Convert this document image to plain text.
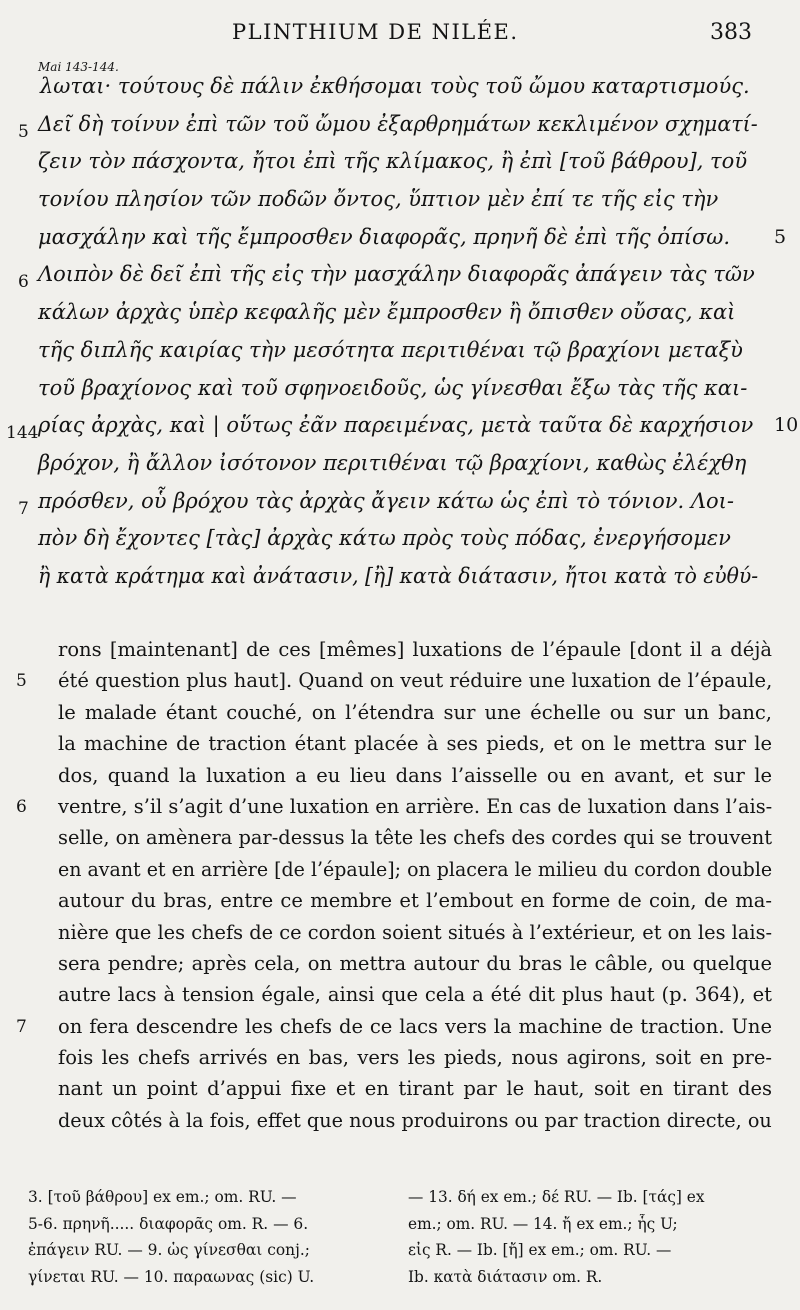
PLINTHIUM DE NILÉE.	383
Mai 143-144.
λωται· τούτους δὲ πάλιν ἐκθήσομαι τοὺς τοῦ ὤμου καταρτισμούς.
Δεῖ δὴ τοίνυν ἐπὶ τῶν τοῦ ὤμου ἐξαρθρημάτων κεκλιμένον σχηματί-
5
ζειν τὸν πάσχοντα, ἤτοι ἐπὶ τῆς κλίμακος, ἢ ἐπὶ [τοῦ βάθρου], τοῦ
τονίου πλησίον τῶν ποδῶν ὄντος, ὕπτιον μὲν ἐπί τε τῆς εἰς τὴν
μασχάλην καὶ τῆς ἔμπροσθεν διαφορᾶς, πρηνῆ δὲ ἐπὶ τῆς ὀπίσω. 5
Λοιπὸν δὲ δεῖ ἐπὶ τῆς εἰς τὴν μασχάλην διαφορᾶς ἀπάγειν τὰς τῶν
6
κάλων ἀρχὰς ὑπὲρ κεφαλῆς μὲν ἔμπροσθεν ἢ ὄπισθεν οὔσας, καὶ
τῆς διπλῆς καιρίας τὴν μεσότητα περιτιθέναι τῷ βραχίονι μεταξὺ
τοῦ βραχίονος καὶ τοῦ σφηνοειδοῦς, ὡς γίνεσθαι ἔξω τὰς τῆς και-
ρίας ἀρχὰς, καὶ | οὕτως ἐᾶν παρειμένας, μετὰ ταῦτα δὲ καρχήσιον
144	10
βρόχον, ἢ ἄλλον ἰσότονον περιτιθέναι τῷ βραχίονι, καθὼς ἐλέχθη
πρόσθεν, οὗ βρόχου τὰς ἀρχὰς ἄγειν κάτω ὡς ἐπὶ τὸ τόνιον. Λοι-
7
πὸν δὴ ἔχοντες [τὰς] ἀρχὰς κάτω πρὸς τοὺς πόδας, ἐνεργήσομεν
ἢ κατὰ κράτημα καὶ ἀνάτασιν, [ἢ] κατὰ διάτασιν, ἤτοι κατὰ τὸ εὐθύ-
rons [maintenant] de ces [mêmes] luxations de l’épaule [dont il a déjà
été question plus haut]. Quand on veut réduire une luxation de l’épaule,
5
le malade étant couché, on l’étendra sur une échelle ou sur un banc,
la machine de traction étant placée à ses pieds, et on le mettra sur le
dos, quand la luxation a eu lieu dans l’aisselle ou en avant, et sur le
ventre, s’il s’agit d’une luxation en arrière. En cas de luxation dans l’ais-
6
selle, on amènera par-dessus la tête les chefs des cordes qui se trouvent
en avant et en arrière [de l’épaule]; on placera le milieu du cordon double
autour du bras, entre ce membre et l’embout en forme de coin, de ma-
nière que les chefs de ce cordon soient situés à l’extérieur, et on les lais-
sera pendre; après cela, on mettra autour du bras le câble, ou quelque
autre lacs à tension égale, ainsi que cela a été dit plus haut (p. 364), et
on fera descendre les chefs de ce lacs vers la machine de traction. Une
7
fois les chefs arrivés en bas, vers les pieds, nous agirons, soit en pre-
nant un point d’appui fixe et en tirant par le haut, soit en tirant des
deux côtés à la fois, effet que nous produirons ou par traction directe, ou
3. [τοῦ βάθρου] ex em.; om. RU. —
5-6. πρηνῆ..... διαφορᾶς om. R. — 6.
ἐπάγειν RU. — 9. ὡς γίνεσθαι conj.;
γίνεται RU. — 10. παραωνας (sic) U.
— 13. δή ex em.; δέ RU. — Ib. [τάς] ex
em.; om. RU. — 14. ἤ ex em.; ἧς U;
εἰς R. — Ib. [ἤ] ex em.; om. RU. —
Ib. κατὰ διάτασιν om. R.
